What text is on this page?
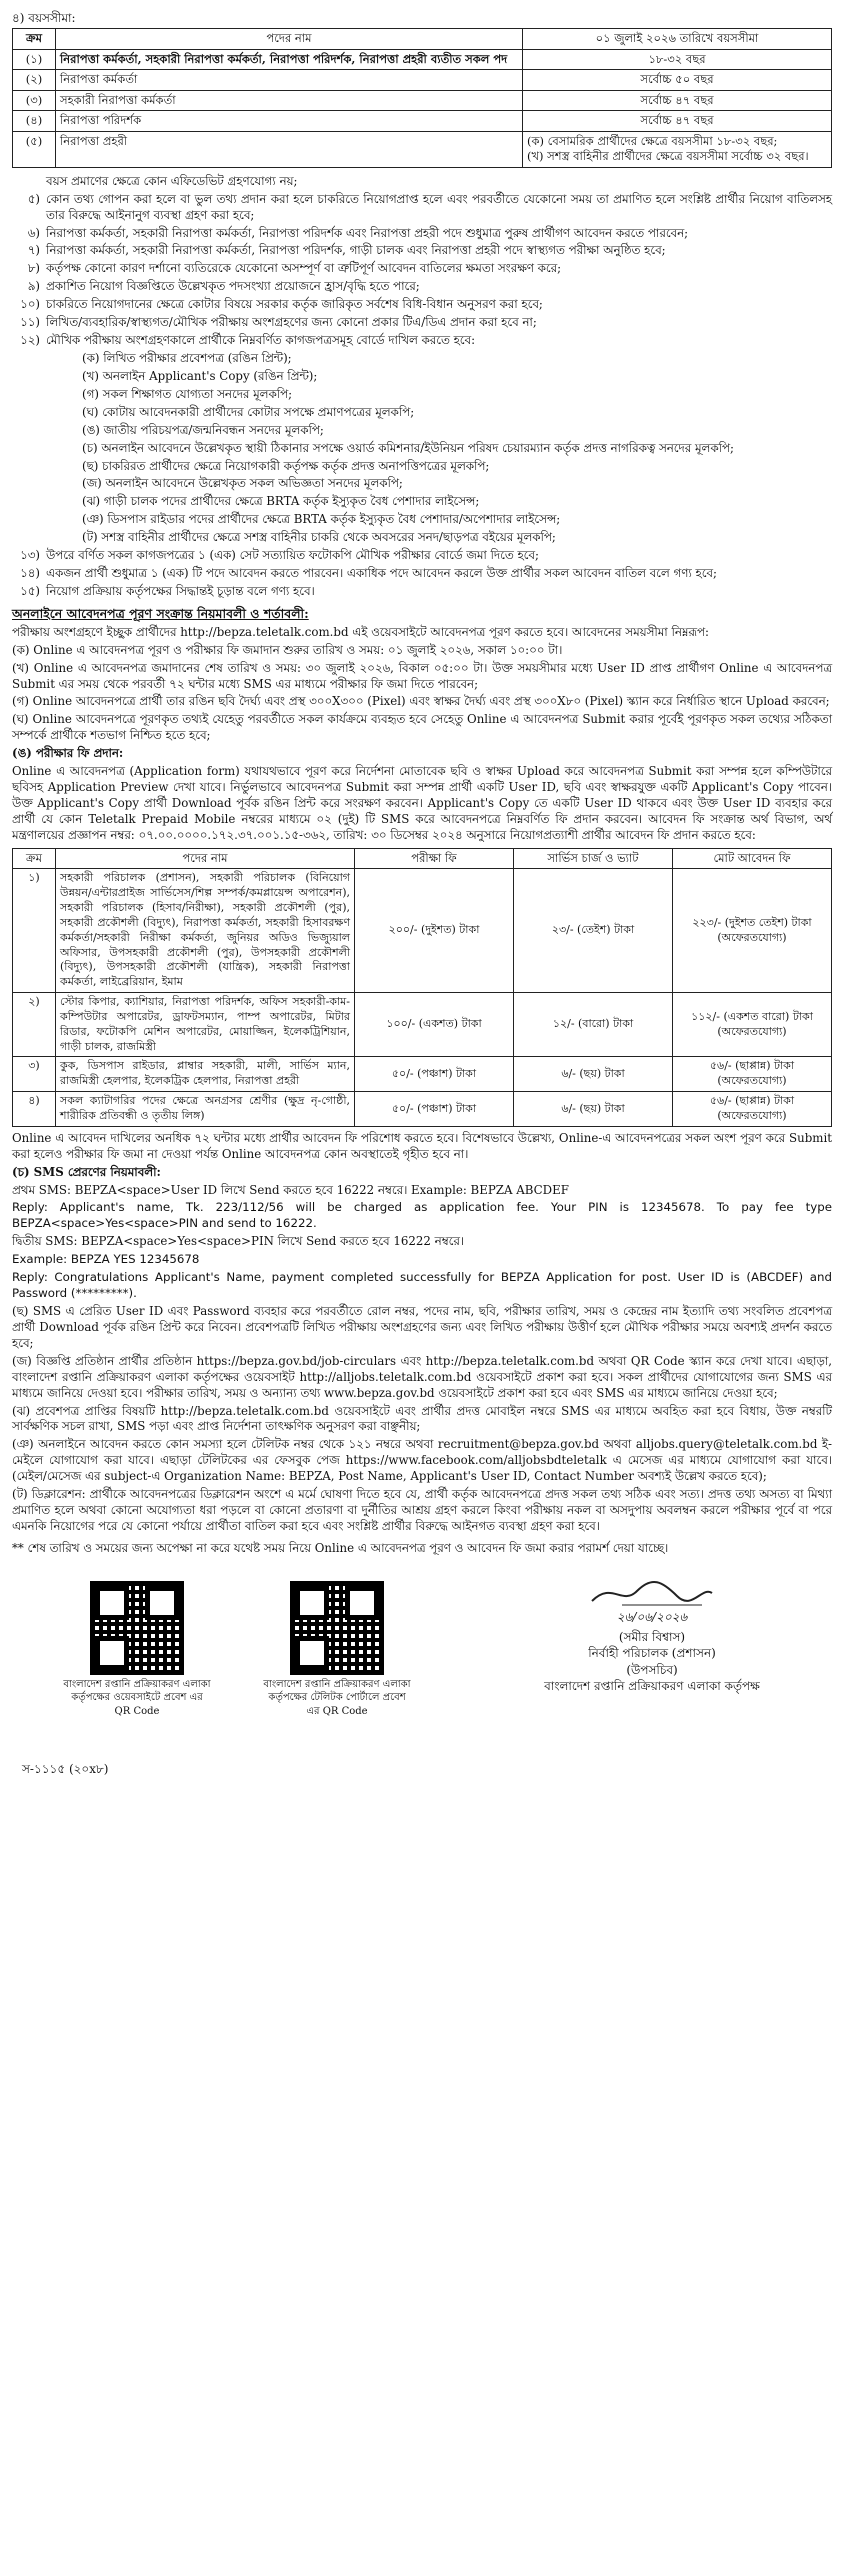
৪) বয়সসীমা:
ক্রম	পদের নাম	০১ জুলাই ২০২৬ তারিখে বয়সসীমা
(১)	নিরাপত্তা কর্মকর্তা, সহকারী নিরাপত্তা কর্মকর্তা, নিরাপত্তা পরিদর্শক, নিরাপত্তা প্রহরী ব্যতীত সকল পদ	১৮-৩২ বছর
(২)	নিরাপত্তা কর্মকর্তা	সর্বোচ্চ ৫০ বছর
(৩)	সহকারী নিরাপত্তা কর্মকর্তা	সর্বোচ্চ ৪৭ বছর
(৪)	নিরাপত্তা পরিদর্শক	সর্বোচ্চ ৪৭ বছর
(৫)	নিরাপত্তা প্রহরী	(ক) বেসামরিক প্রার্থীদের ক্ষেত্রে বয়সসীমা ১৮-৩২ বছর;
(খ) সশস্ত্র বাহিনীর প্রার্থীদের ক্ষেত্রে বয়সসীমা সর্বোচ্চ ৩২ বছর।
বয়স প্রমাণের ক্ষেত্রে কোন এফিডেভিট গ্রহণযোগ্য নয়;
৫) কোন তথ্য গোপন করা হলে বা ভুল তথ্য প্রদান করা হলে চাকরিতে নিয়োগপ্রাপ্ত হলে এবং পরবর্তীতে যেকোনো সময় তা প্রমাণিত হলে সংশ্লিষ্ট প্রার্থীর নিয়োগ বাতিলসহ তার বিরুদ্ধে আইনানুগ ব্যবস্থা গ্রহণ করা হবে;
৬) নিরাপত্তা কর্মকর্তা, সহকারী নিরাপত্তা কর্মকর্তা, নিরাপত্তা পরিদর্শক এবং নিরাপত্তা প্রহরী পদে শুধুমাত্র পুরুষ প্রার্থীগণ আবেদন করতে পারবেন;
৭) নিরাপত্তা কর্মকর্তা, সহকারী নিরাপত্তা কর্মকর্তা, নিরাপত্তা পরিদর্শক, গাড়ী চালক এবং নিরাপত্তা প্রহরী পদে স্বাস্থ্যগত পরীক্ষা অনুষ্ঠিত হবে;
৮) কর্তৃপক্ষ কোনো কারণ দর্শানো ব্যতিরেকে যেকোনো অসম্পূর্ণ বা ত্রুটিপূর্ণ আবেদন বাতিলের ক্ষমতা সংরক্ষণ করে;
৯) প্রকাশিত নিয়োগ বিজ্ঞপ্তিতে উল্লেখকৃত পদসংখ্যা প্রয়োজনে হ্রাস/বৃদ্ধি হতে পারে;
১০) চাকরিতে নিয়োগদানের ক্ষেত্রে কোটার বিষয়ে সরকার কর্তৃক জারিকৃত সর্বশেষ বিধি-বিধান অনুসরণ করা হবে;
১১) লিখিত/ব্যবহারিক/স্বাস্থ্যগত/মৌখিক পরীক্ষায় অংশগ্রহণের জন্য কোনো প্রকার টিএ/ডিএ প্রদান করা হবে না;
১২) মৌখিক পরীক্ষায় অংশগ্রহণকালে প্রার্থীকে নিম্নবর্ণিত কাগজপত্রসমূহ বোর্ডে দাখিল করতে হবে:
(ক) লিখিত পরীক্ষার প্রবেশপত্র (রঙিন প্রিন্ট);
(খ) অনলাইন Applicant's Copy (রঙিন প্রিন্ট);
(গ) সকল শিক্ষাগত যোগ্যতা সনদের মূলকপি;
(ঘ) কোটায় আবেদনকারী প্রার্থীদের কোটার সপক্ষে প্রমাণপত্রের মূলকপি;
(ঙ) জাতীয় পরিচয়পত্র/জন্মনিবন্ধন সনদের মূলকপি;
(চ) অনলাইন আবেদনে উল্লেখকৃত স্থায়ী ঠিকানার সপক্ষে ওয়ার্ড কমিশনার/ইউনিয়ন পরিষদ চেয়ারম্যান কর্তৃক প্রদত্ত নাগরিকত্ব সনদের মূলকপি;
(ছ) চাকরিরত প্রার্থীদের ক্ষেত্রে নিয়োগকারী কর্তৃপক্ষ কর্তৃক প্রদত্ত অনাপত্তিপত্রের মূলকপি;
(জ) অনলাইন আবেদনে উল্লেখকৃত সকল অভিজ্ঞতা সনদের মূলকপি;
(ঝ) গাড়ী চালক পদের প্রার্থীদের ক্ষেত্রে BRTA কর্তৃক ইস্যুকৃত বৈধ পেশাদার লাইসেন্স;
(ঞ) ডিসপাস রাইডার পদের প্রার্থীদের ক্ষেত্রে BRTA কর্তৃক ইস্যুকৃত বৈধ পেশাদার/অপেশাদার লাইসেন্স;
(ট) সশস্ত্র বাহিনীর প্রার্থীদের ক্ষেত্রে সশস্ত্র বাহিনীর চাকরি থেকে অবসরের সনদ/ছাড়পত্র বইয়ের মূলকপি;
১৩) উপরে বর্ণিত সকল কাগজপত্রের ১ (এক) সেট সত্যায়িত ফটোকপি মৌখিক পরীক্ষার বোর্ডে জমা দিতে হবে;
১৪) একজন প্রার্থী শুধুমাত্র ১ (এক) টি পদে আবেদন করতে পারবেন। একাধিক পদে আবেদন করলে উক্ত প্রার্থীর সকল আবেদন বাতিল বলে গণ্য হবে;
১৫) নিয়োগ প্রক্রিয়ায় কর্তৃপক্ষের সিদ্ধান্তই চূড়ান্ত বলে গণ্য হবে।
অনলাইনে আবেদনপত্র পূরণ সংক্রান্ত নিয়মাবলী ও শর্তাবলী:
পরীক্ষায় অংশগ্রহণে ইচ্ছুক প্রার্থীদের http://bepza.teletalk.com.bd এই ওয়েবসাইটে আবেদনপত্র পূরণ করতে হবে। আবেদনের সময়সীমা নিম্নরূপ:
(ক) Online এ আবেদনপত্র পূরণ ও পরীক্ষার ফি জমাদান শুরুর তারিখ ও সময়: ০১ জুলাই ২০২৬, সকাল ১০:০০ টা।
(খ) Online এ আবেদনপত্র জমাদানের শেষ তারিখ ও সময়: ৩০ জুলাই ২০২৬, বিকাল ০৫:০০ টা। উক্ত সময়সীমার মধ্যে User ID প্রাপ্ত প্রার্থীগণ Online এ আবেদনপত্র Submit এর সময় থেকে পরবর্তী ৭২ ঘন্টার মধ্যে SMS এর মাধ্যমে পরীক্ষার ফি জমা দিতে পারবেন;
(গ) Online আবেদনপত্রে প্রার্থী তার রঙিন ছবি দৈর্ঘ্য এবং প্রস্থ ৩০০X৩০০ (Pixel) এবং স্বাক্ষর দৈর্ঘ্য এবং প্রস্থ ৩০০X৮০ (Pixel) স্ক্যান করে নির্ধারিত স্থানে Upload করবেন;
(ঘ) Online আবেদনপত্রে পূরণকৃত তথ্যই যেহেতু পরবর্তীতে সকল কার্যক্রমে ব্যবহৃত হবে সেহেতু Online এ আবেদনপত্র Submit করার পূর্বেই পূরণকৃত সকল তথ্যের সঠিকতা সম্পর্কে প্রার্থীকে শতভাগ নিশ্চিত হতে হবে;
(ঙ) পরীক্ষার ফি প্রদান:
Online এ আবেদনপত্র (Application form) যথাযথভাবে পূরণ করে নির্দেশনা মোতাবেক ছবি ও স্বাক্ষর Upload করে আবেদনপত্র Submit করা সম্পন্ন হলে কম্পিউটারে ছবিসহ Application Preview দেখা যাবে। নির্ভুলভাবে আবেদনপত্র Submit করা সম্পন্ন প্রার্থী একটি User ID, ছবি এবং স্বাক্ষরযুক্ত একটি Applicant's Copy পাবেন। উক্ত Applicant's Copy প্রার্থী Download পূর্বক রঙিন প্রিন্ট করে সংরক্ষণ করবেন। Applicant's Copy তে একটি User ID থাকবে এবং উক্ত User ID ব্যবহার করে প্রার্থী যে কোন Teletalk Prepaid Mobile নম্বরের মাধ্যমে ০২ (দুই) টি SMS করে আবেদনপত্রে নিম্নবর্ণিত ফি প্রদান করবেন। আবেদন ফি সংক্রান্ত অর্থ বিভাগ, অর্থ মন্ত্রণালয়ের প্রজ্ঞাপন নম্বর: ০৭.০০.০০০০.১৭২.৩৭.০০১.১৫-৩৬২, তারিখ: ৩০ ডিসেম্বর ২০২৪ অনুসারে নিয়োগপ্রত্যাশী প্রার্থীর আবেদন ফি প্রদান করতে হবে:
ক্রম	পদের নাম	পরীক্ষা ফি	সার্ভিস চার্জ ও ভ্যাট	মোট আবেদন ফি
১)	সহকারী পরিচালক (প্রশাসন), সহকারী পরিচালক (বিনিয়োগ উন্নয়ন/এন্টারপ্রাইজ সার্ভিসেস/শিল্প সম্পর্ক/কমপ্লায়েন্স অপারেশন), সহকারী পরিচালক (হিসাব/নিরীক্ষা), সহকারী প্রকৌশলী (পুর), সহকারী প্রকৌশলী (বিদ্যুৎ), নিরাপত্তা কর্মকর্তা, সহকারী হিসাবরক্ষণ কর্মকর্তা/সহকারী নিরীক্ষা কর্মকর্তা, জুনিয়র অডিও ভিজ্যুয়াল অফিসার, উপসহকারী প্রকৌশলী (পুর), উপসহকারী প্রকৌশলী (বিদ্যুৎ), উপসহকারী প্রকৌশলী (যান্ত্রিক), সহকারী নিরাপত্তা কর্মকর্তা, লাইব্রেরিয়ান, ইমাম	২০০/- (দুইশত) টাকা	২৩/- (তেইশ) টাকা	২২৩/- (দুইশত তেইশ) টাকা (অফেরতযোগ্য)
২)	স্টোর কিপার, ক্যাশিয়ার, নিরাপত্তা পরিদর্শক, অফিস সহকারী-কাম-কম্পিউটার অপারেটর, ড্রাফটসম্যান, পাম্প অপারেটর, মিটার রিডার, ফটোকপি মেশিন অপারেটর, মোয়াজ্জিন, ইলেকট্রিশিয়ান, গাড়ী চালক, রাজমিস্ত্রী	১০০/- (একশত) টাকা	১২/- (বারো) টাকা	১১২/- (একশত বারো) টাকা (অফেরতযোগ্য)
৩)	কুক, ডিসপাস রাইডার, প্লাম্বার সহকারী, মালী, সার্ভিস ম্যান, রাজমিস্ত্রী হেলপার, ইলেকট্রিক হেলপার, নিরাপত্তা প্রহরী	৫০/- (পঞ্চাশ) টাকা	৬/- (ছয়) টাকা	৫৬/- (ছাপ্পান্ন) টাকা (অফেরতযোগ্য)
৪)	সকল ক্যাটাগরির পদের ক্ষেত্রে অনগ্রসর শ্রেণীর (ক্ষুদ্র নৃ-গোষ্ঠী, শারীরিক প্রতিবন্ধী ও তৃতীয় লিঙ্গ)	৫০/- (পঞ্চাশ) টাকা	৬/- (ছয়) টাকা	৫৬/- (ছাপ্পান্ন) টাকা (অফেরতযোগ্য)
Online এ আবেদন দাখিলের অনধিক ৭২ ঘন্টার মধ্যে প্রার্থীর আবেদন ফি পরিশোধ করতে হবে। বিশেষভাবে উল্লেখ্য, Online-এ আবেদনপত্রের সকল অংশ পূরণ করে Submit করা হলেও পরীক্ষার ফি জমা না দেওয়া পর্যন্ত Online আবেদনপত্র কোন অবস্থাতেই গৃহীত হবে না।
(চ) SMS প্রেরণের নিয়মাবলী:
প্রথম SMS: BEPZA<space>User ID লিখে Send করতে হবে 16222 নম্বরে। Example: BEPZA ABCDEF
Reply: Applicant's name, Tk. 223/112/56 will be charged as application fee. Your PIN is 12345678. To pay fee type BEPZA<space>Yes<space>PIN and send to 16222.
দ্বিতীয় SMS: BEPZA<space>Yes<space>PIN লিখে Send করতে হবে 16222 নম্বরে।
Example: BEPZA YES 12345678
Reply: Congratulations Applicant's Name, payment completed successfully for BEPZA Application for post. User ID is (ABCDEF) and Password (*********).
(ছ) SMS এ প্রেরিত User ID এবং Password ব্যবহার করে পরবর্তীতে রোল নম্বর, পদের নাম, ছবি, পরীক্ষার তারিখ, সময় ও কেন্দ্রের নাম ইত্যাদি তথ্য সংবলিত প্রবেশপত্র প্রার্থী Download পূর্বক রঙিন প্রিন্ট করে নিবেন। প্রবেশপত্রটি লিখিত পরীক্ষায় অংশগ্রহণের জন্য এবং লিখিত পরীক্ষায় উত্তীর্ণ হলে মৌখিক পরীক্ষার সময়ে অবশ্যই প্রদর্শন করতে হবে;
(জ) বিজ্ঞপ্তি প্রতিষ্ঠান প্রার্থীর প্রতিষ্ঠান https://bepza.gov.bd/job-circulars এবং http://bepza.teletalk.com.bd অথবা QR Code স্ক্যান করে দেখা যাবে। এছাড়া, বাংলাদেশ রপ্তানি প্রক্রিয়াকরণ এলাকা কর্তৃপক্ষের ওয়েবসাইট http://alljobs.teletalk.com.bd ওয়েবসাইটে প্রকাশ করা হবে। সকল প্রার্থীদের যোগাযোগের জন্য SMS এর মাধ্যমে জানিয়ে দেওয়া হবে। পরীক্ষার তারিখ, সময় ও অন্যান্য তথ্য www.bepza.gov.bd ওয়েবসাইটে প্রকাশ করা হবে এবং SMS এর মাধ্যমে জানিয়ে দেওয়া হবে;
(ঝ) প্রবেশপত্র প্রাপ্তির বিষয়টি http://bepza.teletalk.com.bd ওয়েবসাইটে এবং প্রার্থীর প্রদত্ত মোবাইল নম্বরে SMS এর মাধ্যমে অবহিত করা হবে বিধায়, উক্ত নম্বরটি সার্বক্ষণিক সচল রাখা, SMS পড়া এবং প্রাপ্ত নির্দেশনা তাৎক্ষণিক অনুসরণ করা বাঞ্ছনীয়;
(ঞ) অনলাইনে আবেদন করতে কোন সমস্যা হলে টেলিটক নম্বর থেকে ১২১ নম্বরে অথবা recruitment@bepza.gov.bd অথবা alljobs.query@teletalk.com.bd ই-মেইলে যোগাযোগ করা যাবে। এছাড়া টেলিটকের এর ফেসবুক পেজ https://www.facebook.com/alljobsbdteletalk এ মেসেজ এর মাধ্যমে যোগাযোগ করা যাবে। (মেইল/মেসেজ এর subject-এ Organization Name: BEPZA, Post Name, Applicant's User ID, Contact Number অবশ্যই উল্লেখ করতে হবে);
(ট) ডিক্লারেশন: প্রার্থীকে আবেদনপত্রের ডিক্লারেশন অংশে এ মর্মে ঘোষণা দিতে হবে যে, প্রার্থী কর্তৃক আবেদনপত্রে প্রদত্ত সকল তথ্য সঠিক এবং সত্য। প্রদত্ত তথ্য অসত্য বা মিথ্যা প্রমাণিত হলে অথবা কোনো অযোগ্যতা ধরা পড়লে বা কোনো প্রতারণা বা দুর্নীতির আশ্রয় গ্রহণ করলে কিংবা পরীক্ষায় নকল বা অসদুপায় অবলম্বন করলে পরীক্ষার পূর্বে বা পরে এমনকি নিয়োগের পরে যে কোনো পর্যায়ে প্রার্থীতা বাতিল করা হবে এবং সংশ্লিষ্ট প্রার্থীর বিরুদ্ধে আইনগত ব্যবস্থা গ্রহণ করা হবে।
** শেষ তারিখ ও সময়ের জন্য অপেক্ষা না করে যথেষ্ট সময় নিয়ে Online এ আবেদনপত্র পূরণ ও আবেদন ফি জমা করার পরামর্শ দেয়া যাচ্ছে।
বাংলাদেশ রপ্তানি প্রক্রিয়াকরণ এলাকা কর্তৃপক্ষের ওয়েবসাইটে প্রবেশ এর QR Code
বাংলাদেশ রপ্তানি প্রক্রিয়াকরণ এলাকা কর্তৃপক্ষের টেলিটক পোর্টালে প্রবেশ এর QR Code
২৬/০৬/২০২৬
(সমীর বিশ্বাস)
নির্বাহী পরিচালক (প্রশাসন)
(উপসচিব)
বাংলাদেশ রপ্তানি প্রক্রিয়াকরণ এলাকা কর্তৃপক্ষ
স-১১১৫ (২০x৮)
